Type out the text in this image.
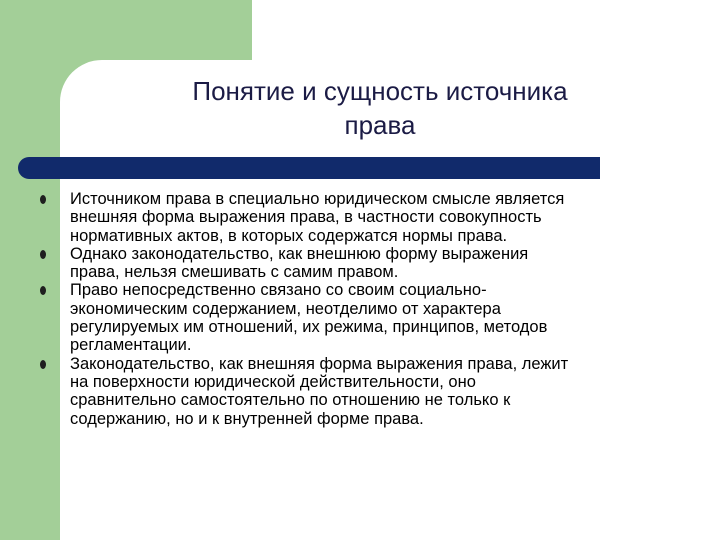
Понятие и сущность источника
права
Источником права в специально юридическом смысле является
внешняя форма выражения права, в частности совокупность
нормативных актов, в которых содержатся нормы права.
Однако законодательство, как внешнюю форму выражения
права, нельзя смешивать с самим правом.
Право непосредственно связано со своим социально-
экономическим содержанием, неотделимо от характера
регулируемых им отношений, их режима, принципов, методов
регламентации.
Законодательство, как внешняя форма выражения права, лежит
на поверхности юридической действительности, оно
сравнительно самостоятельно по отношению не только к
содержанию, но и к внутренней форме права.
